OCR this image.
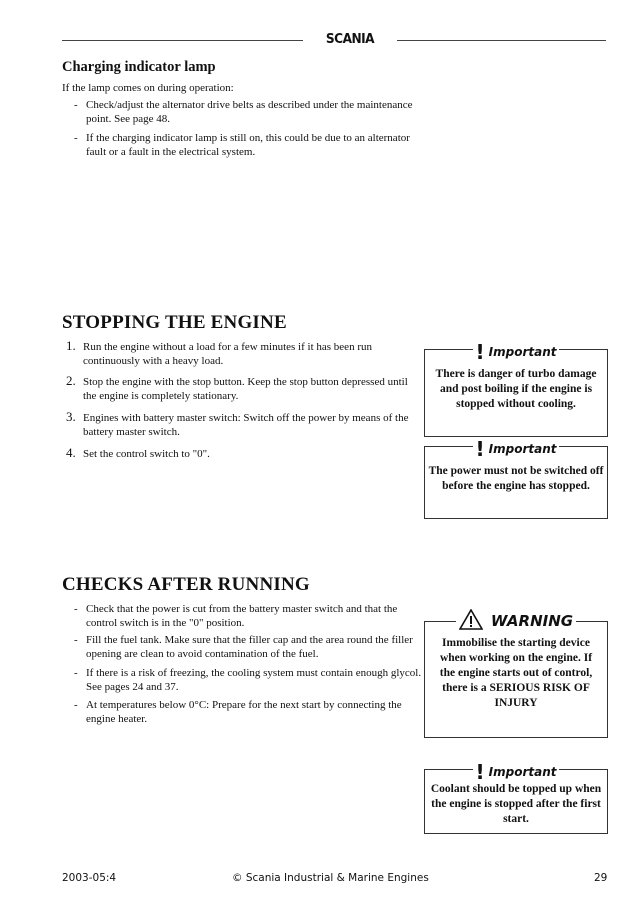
SCANIA
Charging indicator lamp

If the lamp comes on during operation:

- Check/adjust the alternator drive belts as described under the maintenance point. See page 48.
- If the charging indicator lamp is still on, this could be due to an alternator fault or a fault in the electrical system.
STOPPING THE ENGINE
1. Run the engine without a load for a few minutes if it has been run continuously with a heavy load.
2. Stop the engine with the stop button. Keep the stop button depressed until the engine is completely stationary.
3. Engines with battery master switch: Switch off the power by means of the battery master switch.
4. Set the control switch to "0".
! Important
There is danger of turbo damage and post boiling if the engine is stopped without cooling.
! Important
The power must not be switched off before the engine has stopped.
CHECKS AFTER RUNNING
- Check that the power is cut from the battery master switch and that the control switch is in the "0" position.
- Fill the fuel tank. Make sure that the filler cap and the area round the filler opening are clean to avoid contamination of the fuel.
- If there is a risk of freezing, the cooling system must contain enough glycol. See pages 24 and 37.
- At temperatures below 0°C: Prepare for the next start by connecting the engine heater.
WARNING
Immobilise the starting device when working on the engine. If the engine starts out of control, there is a SERIOUS RISK OF INJURY
! Important
Coolant should be topped up when the engine is stopped after the first start.
2003-05:4	© Scania Industrial & Marine Engines	29
